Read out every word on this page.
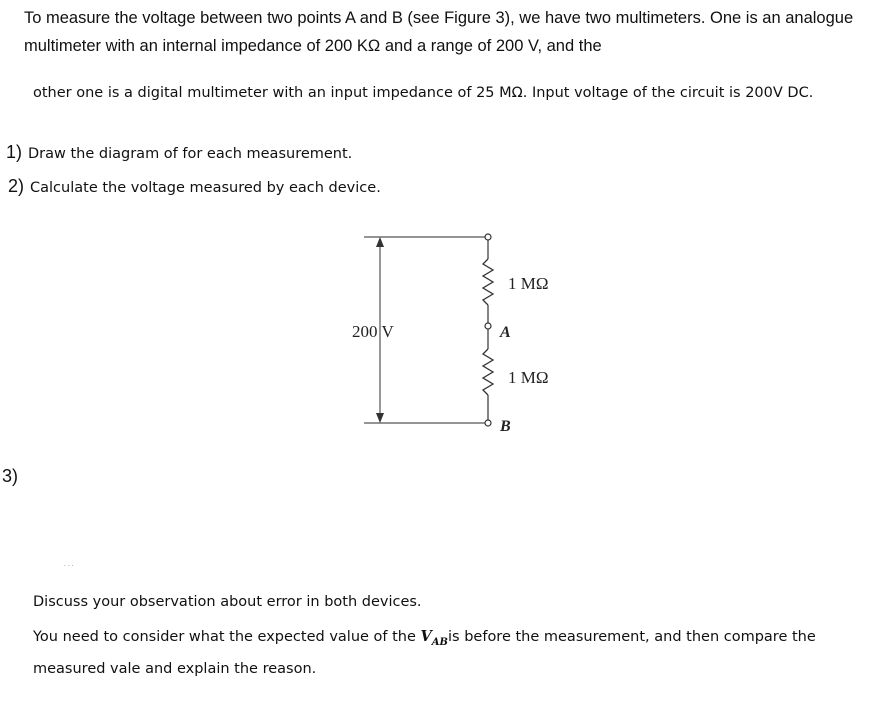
To measure the voltage between two points A and B (see Figure 3), we have two multimeters. One is an analogue multimeter with an internal impedance of 200 KΩ and a range of 200 V, and the
other one is a digital multimeter with an input impedance of 25 MΩ. Input voltage of the circuit is 200V DC.
1) Draw the diagram of for each measurement.
2) Calculate the voltage measured by each device.
200 V
1 MΩ
A
1 MΩ
B
3)
· · ·
Discuss your observation about error in both devices.
You need to consider what the expected value of the $V_{AB}is$ before the measurement, and then compare the measured vale and explain the reason.
